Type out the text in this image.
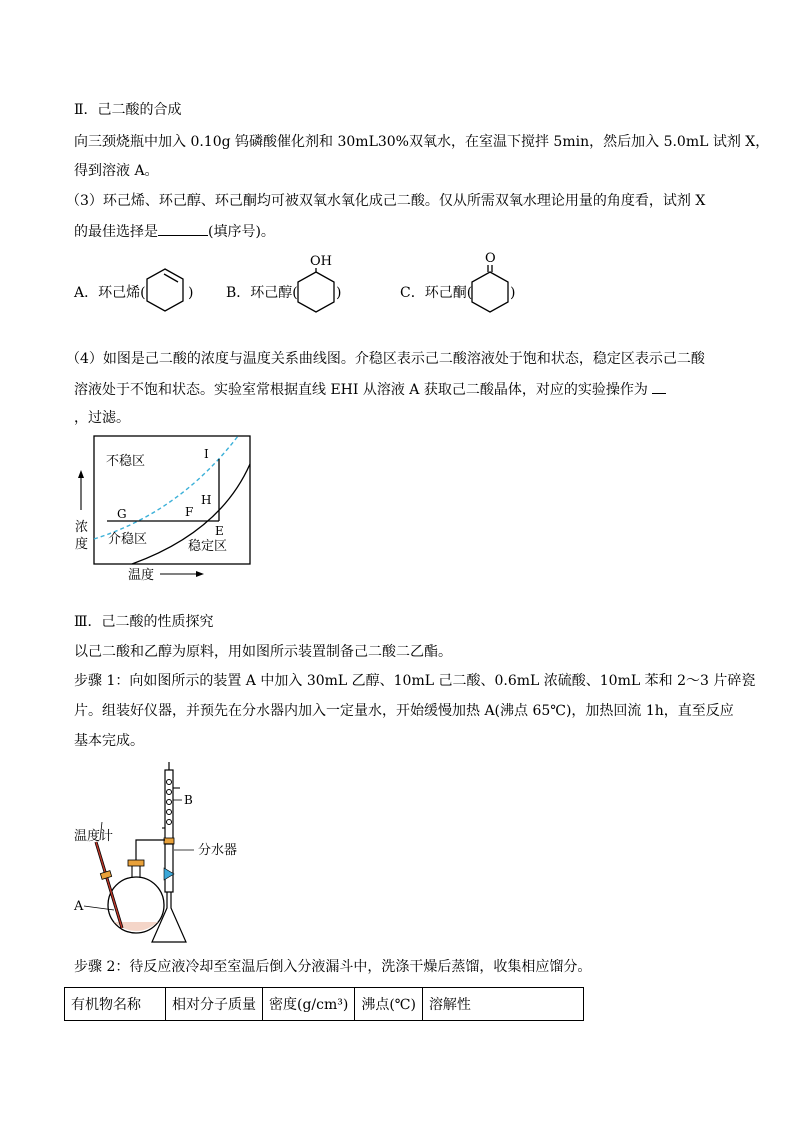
Ⅱ．己二酸的合成
向三颈烧瓶中加入 0.10g 钨磷酸催化剂和 30mL30%双氧水，在室温下搅拌 5min，然后加入 5.0mL 试剂 X，
得到溶液 A。
（3）环己烯、环己醇、环己酮均可被双氧水氧化成己二酸。仅从所需双氧水理论用量的角度看，试剂 X
的最佳选择是	(填序号)。
A．环己烯(	) B．环己醇(
OH
)	C．环己酮(
O
)
（4）如图是己二酸的浓度与温度关系曲线图。介稳区表示己二酸溶液处于饱和状态，稳定区表示己二酸
溶液处于不饱和状态。实验室常根据直线 EHI 从溶液 A 获取己二酸晶体，对应的实验操作为
，过滤。
不稳区
介稳区	稳定区
浓
度
温度
G	F
E
H
I
Ⅲ．己二酸的性质探究
以己二酸和乙醇为原料，用如图所示装置制备己二酸二乙酯。
步骤 1：向如图所示的装置 A 中加入 30mL 乙醇、10mL 己二酸、0.6mL 浓硫酸、10mL 苯和 2～3 片碎瓷
片。组装好仪器，并预先在分水器内加入一定量水，开始缓慢加热 A(沸点 65℃)，加热回流 1h，直至反应
基本完成。
B
分水器
温度计
A
步骤 2：待反应液冷却至室温后倒入分液漏斗中，洗涤干燥后蒸馏，收集相应馏分。
有机物名称	相对分子质量	密度(g/cm³)	沸点(℃)	溶解性
